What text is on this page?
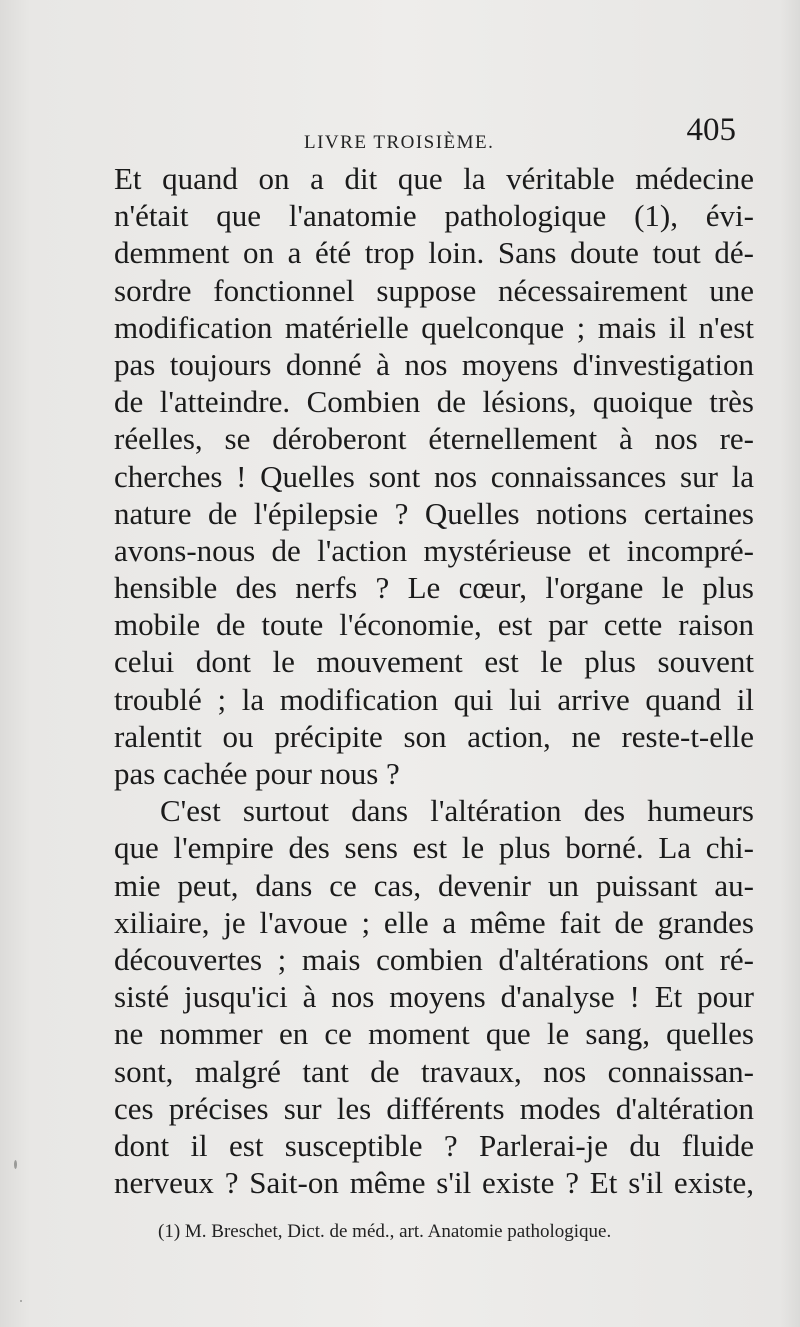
LIVRE TROISIÈME.	405
Et quand on a dit que la véritable médecine
n'était que l'anatomie pathologique (1), évi-
demment on a été trop loin. Sans doute tout dé-
sordre fonctionnel suppose nécessairement une
modification matérielle quelconque ; mais il n'est
pas toujours donné à nos moyens d'investigation
de l'atteindre. Combien de lésions, quoique très
réelles, se déroberont éternellement à nos re-
cherches ! Quelles sont nos connaissances sur la
nature de l'épilepsie ? Quelles notions certaines
avons-nous de l'action mystérieuse et incompré-
hensible des nerfs ? Le cœur, l'organe le plus
mobile de toute l'économie, est par cette raison
celui dont le mouvement est le plus souvent
troublé ; la modification qui lui arrive quand il
ralentit ou précipite son action, ne reste-t-elle
pas cachée pour nous ?
C'est surtout dans l'altération des humeurs
que l'empire des sens est le plus borné. La chi-
mie peut, dans ce cas, devenir un puissant au-
xiliaire, je l'avoue ; elle a même fait de grandes
découvertes ; mais combien d'altérations ont ré-
sisté jusqu'ici à nos moyens d'analyse ! Et pour
ne nommer en ce moment que le sang, quelles
sont, malgré tant de travaux, nos connaissan-
ces précises sur les différents modes d'altération
dont il est susceptible ? Parlerai-je du fluide
nerveux ? Sait-on même s'il existe ? Et s'il existe,
(1) M. Breschet, Dict. de méd., art. Anatomie pathologique.
